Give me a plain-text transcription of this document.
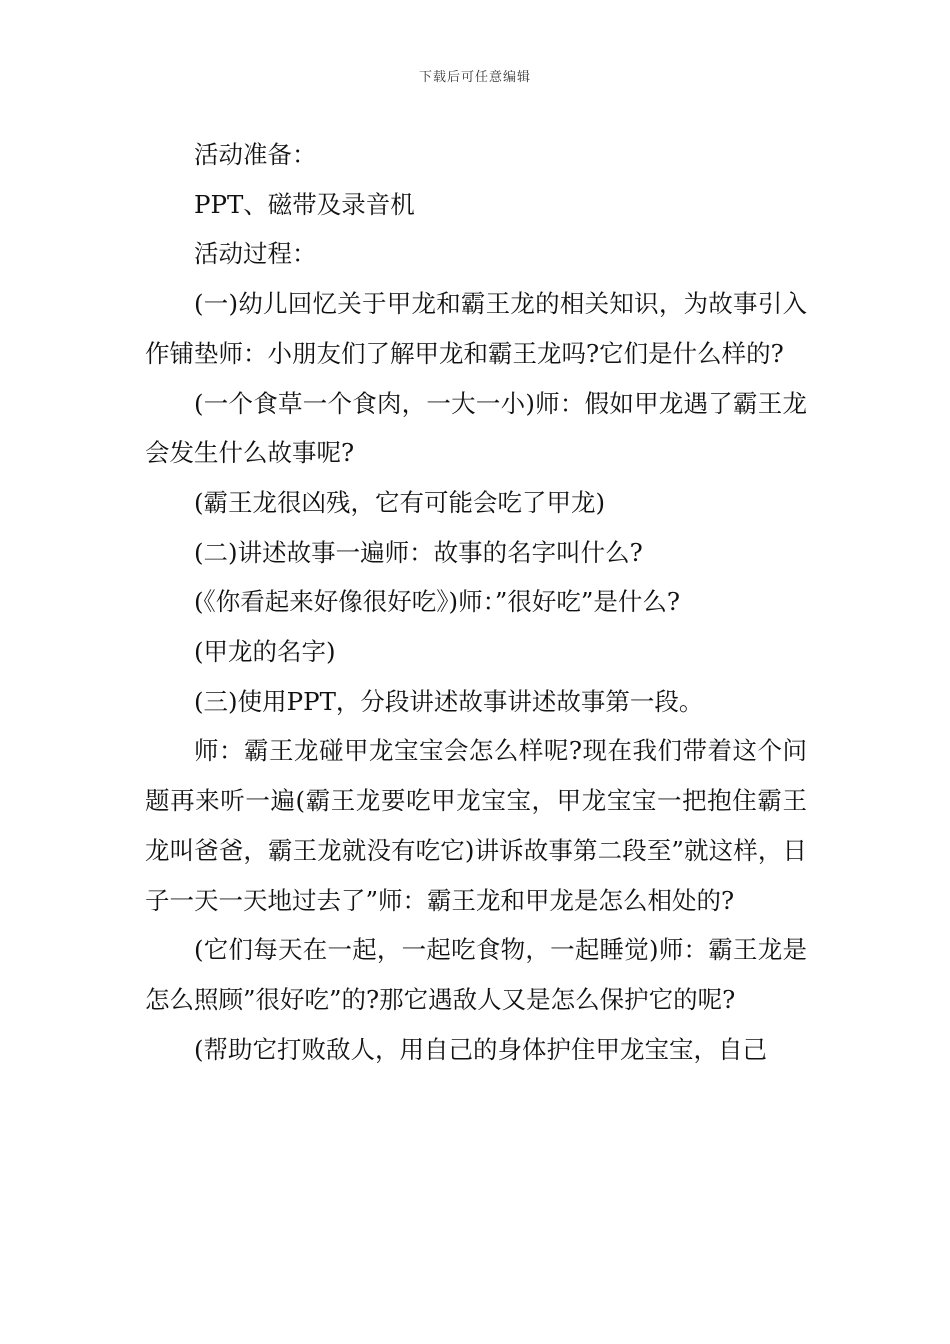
下载后可任意编辑

活动准备：

PPT、磁带及录音机

活动过程：

(一)幼儿回忆关于甲龙和霸王龙的相关知识，为故事引入作铺垫师：小朋友们了解甲龙和霸王龙吗?它们是什么样的?

(一个食草一个食肉，一大一小)师：假如甲龙遇了霸王龙会发生什么故事呢?

(霸王龙很凶残，它有可能会吃了甲龙)

(二)讲述故事一遍师：故事的名字叫什么?

(《你看起来好像很好吃》)师：”很好吃”是什么?

(甲龙的名字)

(三)使用PPT，分段讲述故事讲述故事第一段。

师：霸王龙碰甲龙宝宝会怎么样呢?现在我们带着这个问题再来听一遍(霸王龙要吃甲龙宝宝，甲龙宝宝一把抱住霸王龙叫爸爸，霸王龙就没有吃它)讲诉故事第二段至”就这样，日子一天一天地过去了”师：霸王龙和甲龙是怎么相处的?

(它们每天在一起，一起吃食物，一起睡觉)师：霸王龙是怎么照顾”很好吃”的?那它遇敌人又是怎么保护它的呢?

(帮助它打败敌人，用自己的身体护住甲龙宝宝，自己
